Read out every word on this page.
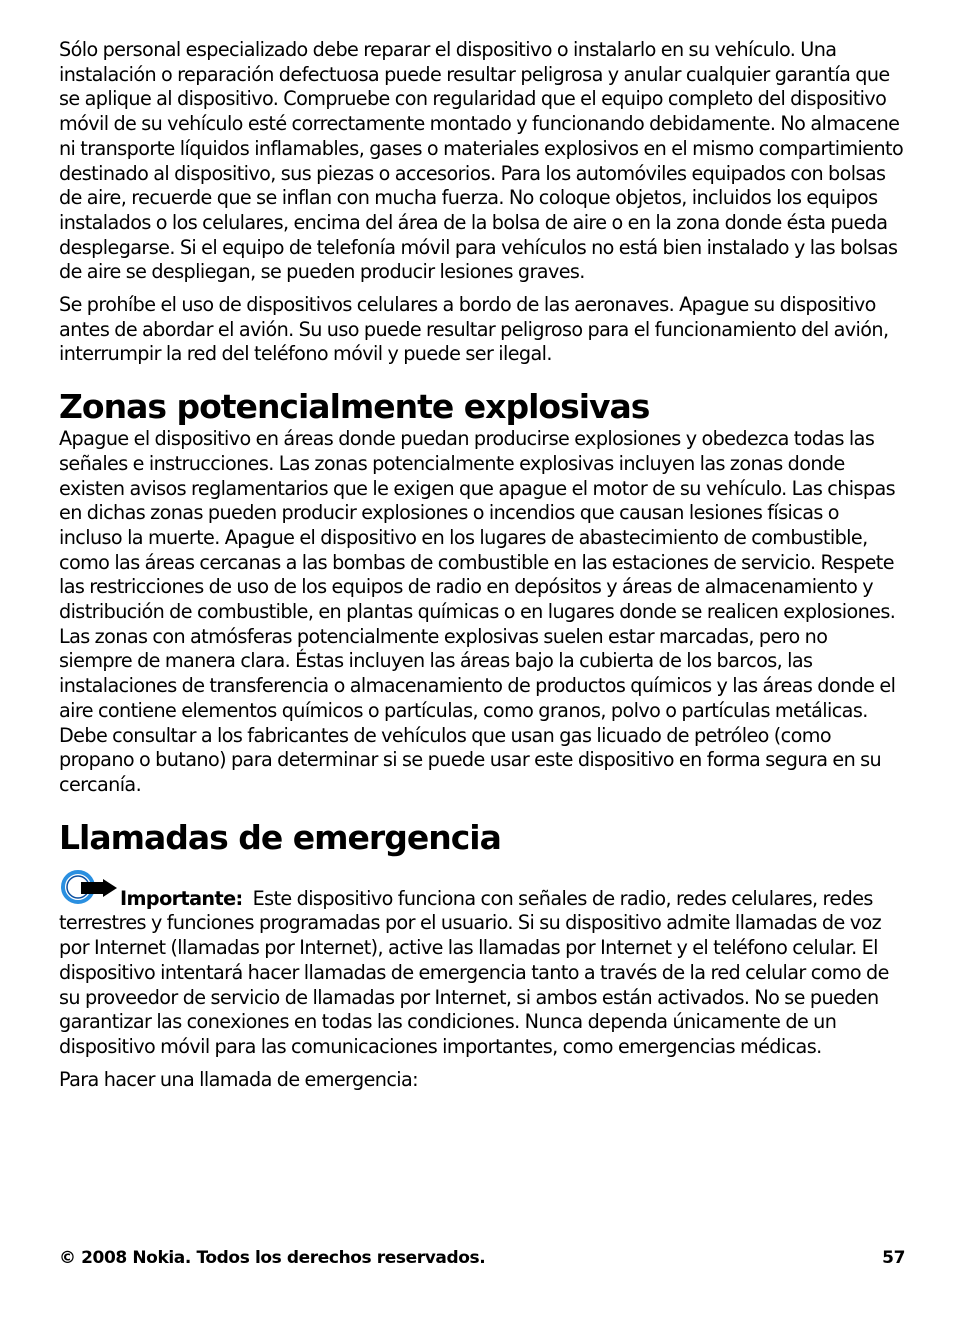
Sólo personal especializado debe reparar el dispositivo o instalarlo en su vehículo. Una instalación o reparación defectuosa puede resultar peligrosa y anular cualquier garantía que se aplique al dispositivo. Compruebe con regularidad que el equipo completo del dispositivo móvil de su vehículo esté correctamente montado y funcionando debidamente. No almacene ni transporte líquidos inflamables, gases o materiales explosivos en el mismo compartimiento destinado al dispositivo, sus piezas o accesorios. Para los automóviles equipados con bolsas de aire, recuerde que se inflan con mucha fuerza. No coloque objetos, incluidos los equipos instalados o los celulares, encima del área de la bolsa de aire o en la zona donde ésta pueda desplegarse. Si el equipo de telefonía móvil para vehículos no está bien instalado y las bolsas de aire se despliegan, se pueden producir lesiones graves.

Se prohíbe el uso de dispositivos celulares a bordo de las aeronaves. Apague su dispositivo antes de abordar el avión. Su uso puede resultar peligroso para el funcionamiento del avión, interrumpir la red del teléfono móvil y puede ser ilegal.

Zonas potencialmente explosivas

Apague el dispositivo en áreas donde puedan producirse explosiones y obedezca todas las señales e instrucciones. Las zonas potencialmente explosivas incluyen las zonas donde existen avisos reglamentarios que le exigen que apague el motor de su vehículo. Las chispas en dichas zonas pueden producir explosiones o incendios que causan lesiones físicas o incluso la muerte. Apague el dispositivo en los lugares de abastecimiento de combustible, como las áreas cercanas a las bombas de combustible en las estaciones de servicio. Respete las restricciones de uso de los equipos de radio en depósitos y áreas de almacenamiento y distribución de combustible, en plantas químicas o en lugares donde se realicen explosiones. Las zonas con atmósferas potencialmente explosivas suelen estar marcadas, pero no siempre de manera clara. Éstas incluyen las áreas bajo la cubierta de los barcos, las instalaciones de transferencia o almacenamiento de productos químicos y las áreas donde el aire contiene elementos químicos o partículas, como granos, polvo o partículas metálicas. Debe consultar a los fabricantes de vehículos que usan gas licuado de petróleo (como propano o butano) para determinar si se puede usar este dispositivo en forma segura en su cercanía.

Llamadas de emergencia

Importante: Este dispositivo funciona con señales de radio, redes celulares, redes terrestres y funciones programadas por el usuario. Si su dispositivo admite llamadas de voz por Internet (llamadas por Internet), active las llamadas por Internet y el teléfono celular. El dispositivo intentará hacer llamadas de emergencia tanto a través de la red celular como de su proveedor de servicio de llamadas por Internet, si ambos están activados. No se pueden garantizar las conexiones en todas las condiciones. Nunca dependa únicamente de un dispositivo móvil para las comunicaciones importantes, como emergencias médicas.

Para hacer una llamada de emergencia:

© 2008 Nokia. Todos los derechos reservados.	57
